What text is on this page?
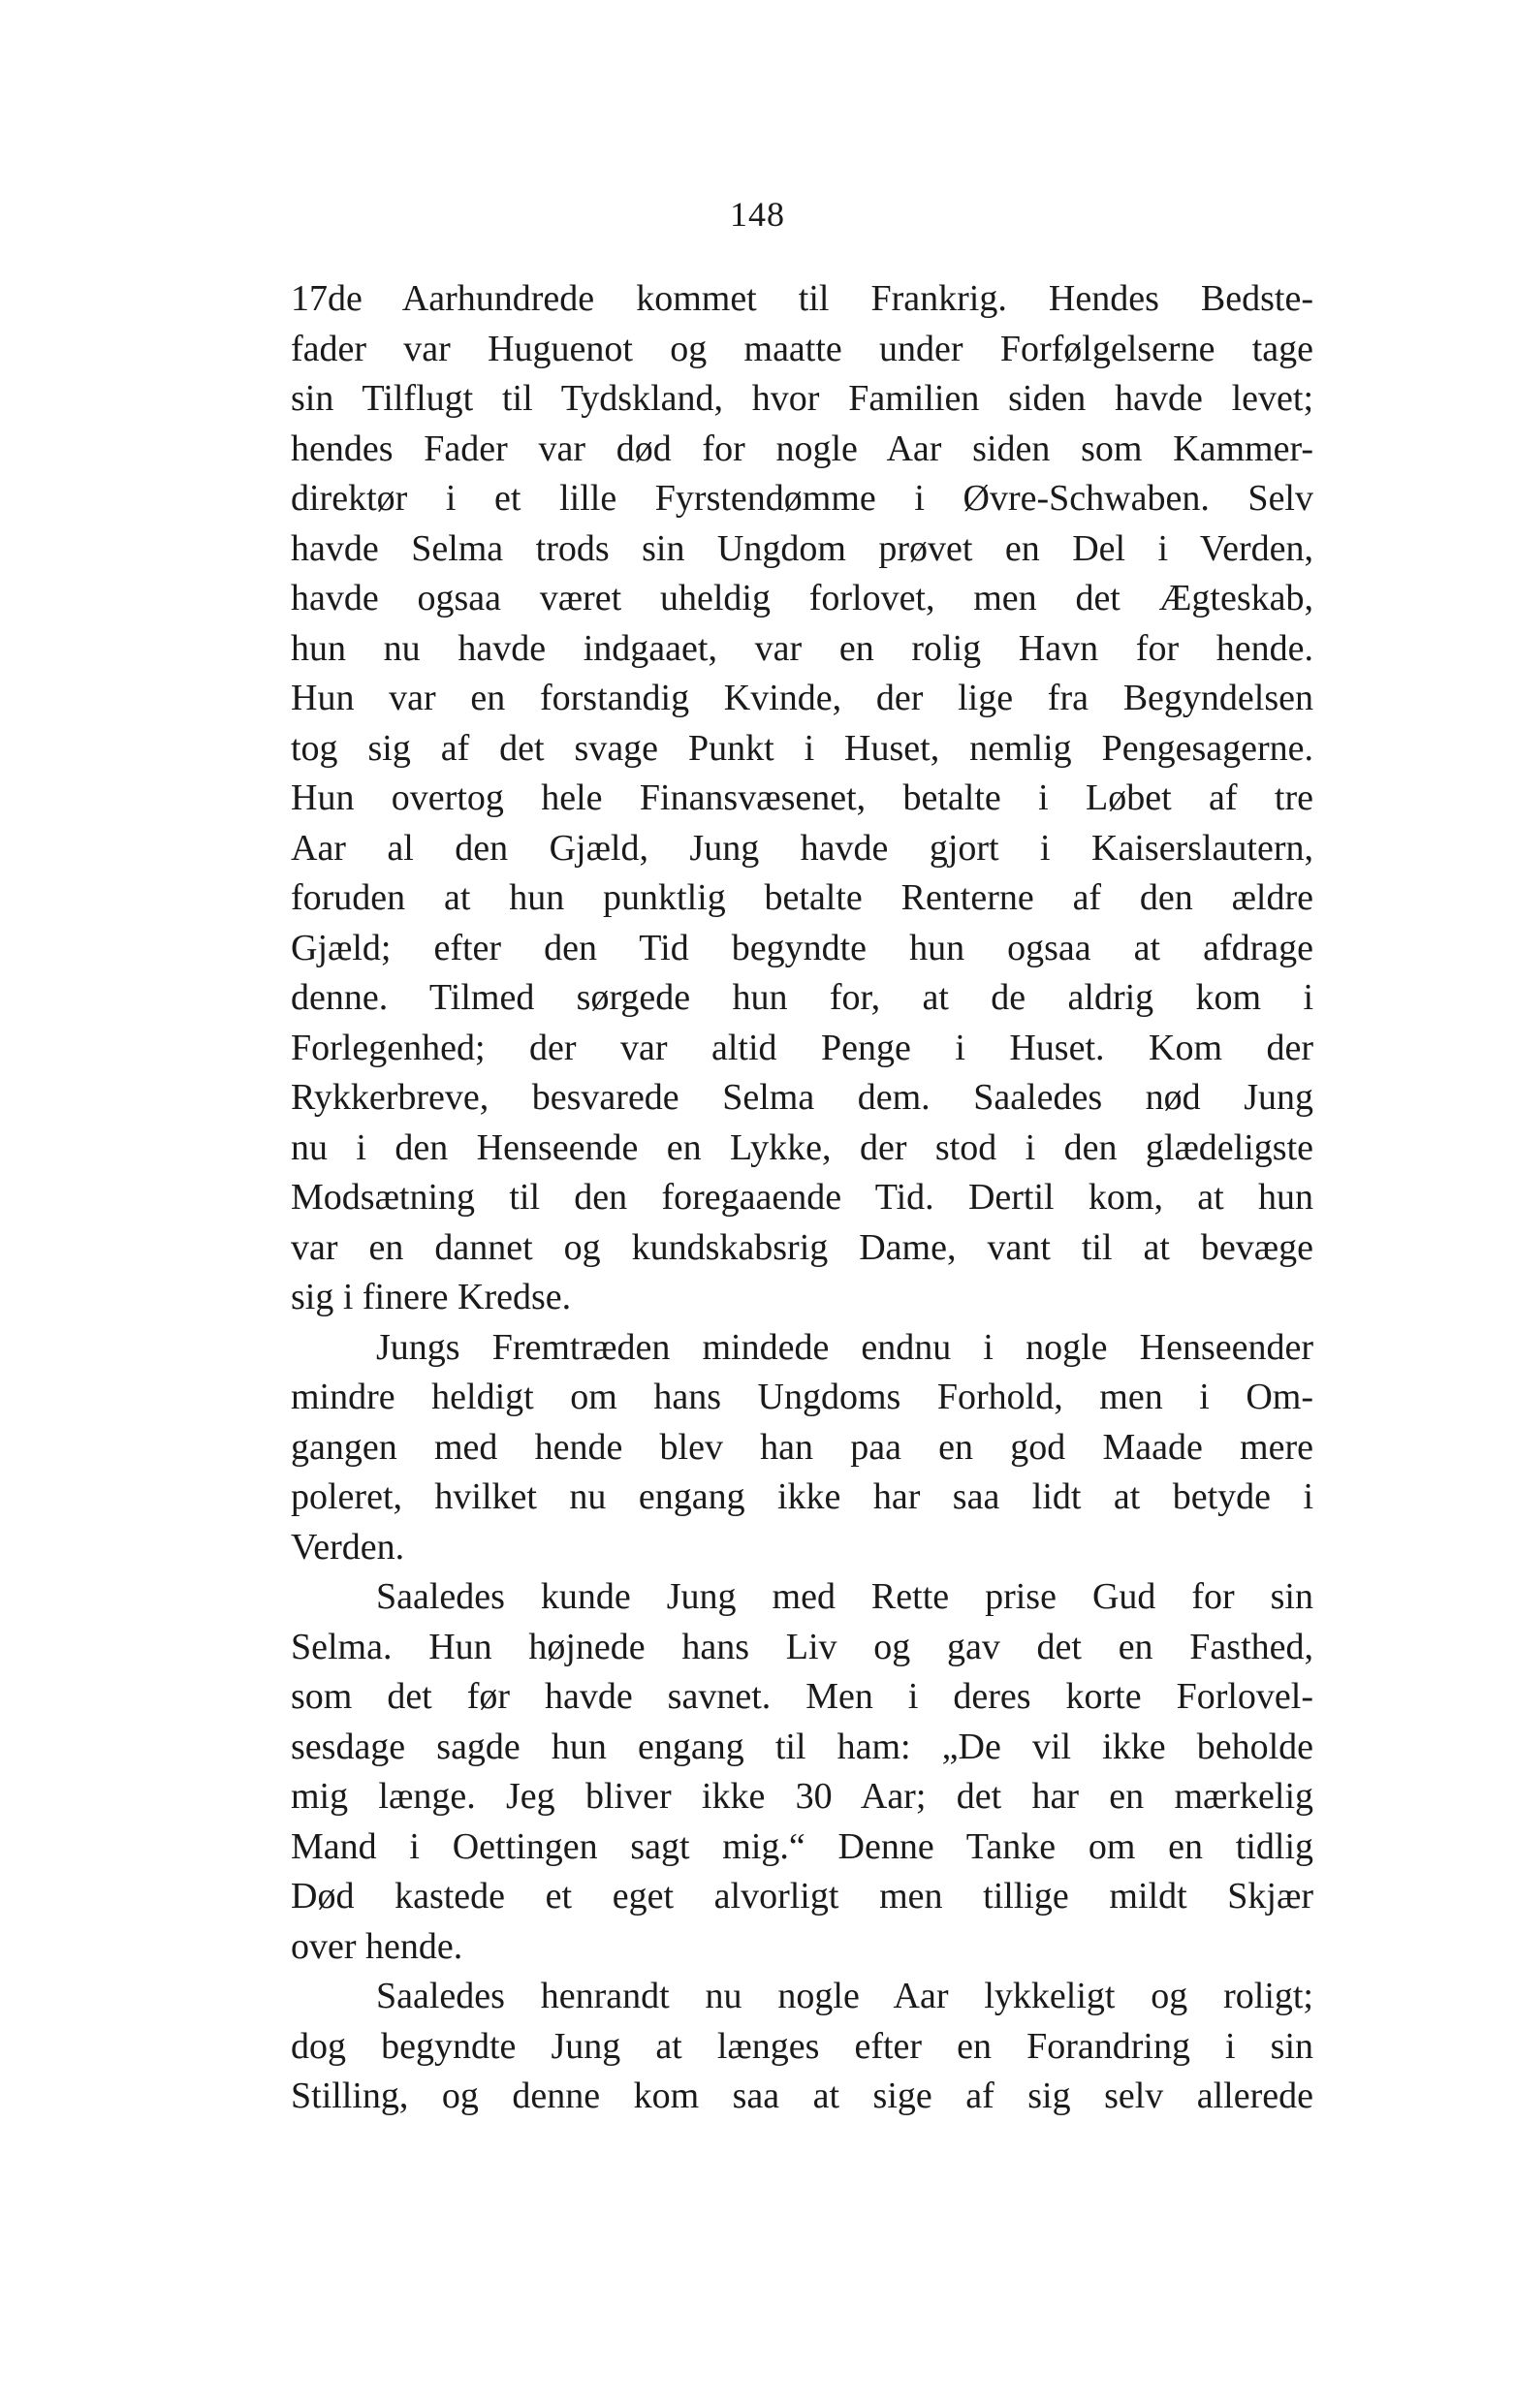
148
17de Aarhundrede kommet til Frankrig. Hendes Bedste-
fader var Huguenot og maatte under Forfølgelserne tage
sin Tilflugt til Tydskland, hvor Familien siden havde levet;
hendes Fader var død for nogle Aar siden som Kammer-
direktør i et lille Fyrstendømme i Øvre-Schwaben. Selv
havde Selma trods sin Ungdom prøvet en Del i Verden,
havde ogsaa været uheldig forlovet, men det Ægteskab,
hun nu havde indgaaet, var en rolig Havn for hende.
Hun var en forstandig Kvinde, der lige fra Begyndelsen
tog sig af det svage Punkt i Huset, nemlig Pengesagerne.
Hun overtog hele Finansvæsenet, betalte i Løbet af tre
Aar al den Gjæld, Jung havde gjort i Kaiserslautern,
foruden at hun punktlig betalte Renterne af den ældre
Gjæld; efter den Tid begyndte hun ogsaa at afdrage
denne. Tilmed sørgede hun for, at de aldrig kom i
Forlegenhed; der var altid Penge i Huset. Kom der
Rykkerbreve, besvarede Selma dem. Saaledes nød Jung
nu i den Henseende en Lykke, der stod i den glædeligste
Modsætning til den foregaaende Tid. Dertil kom, at hun
var en dannet og kundskabsrig Dame, vant til at bevæge
sig i finere Kredse.
Jungs Fremtræden mindede endnu i nogle Henseender
mindre heldigt om hans Ungdoms Forhold, men i Om-
gangen med hende blev han paa en god Maade mere
poleret, hvilket nu engang ikke har saa lidt at betyde i
Verden.
Saaledes kunde Jung med Rette prise Gud for sin
Selma. Hun højnede hans Liv og gav det en Fasthed,
som det før havde savnet. Men i deres korte Forlovel-
sesdage sagde hun engang til ham: „De vil ikke beholde
mig længe. Jeg bliver ikke 30 Aar; det har en mærkelig
Mand i Oettingen sagt mig.“ Denne Tanke om en tidlig
Død kastede et eget alvorligt men tillige mildt Skjær
over hende.
Saaledes henrandt nu nogle Aar lykkeligt og roligt;
dog begyndte Jung at længes efter en Forandring i sin
Stilling, og denne kom saa at sige af sig selv allerede
